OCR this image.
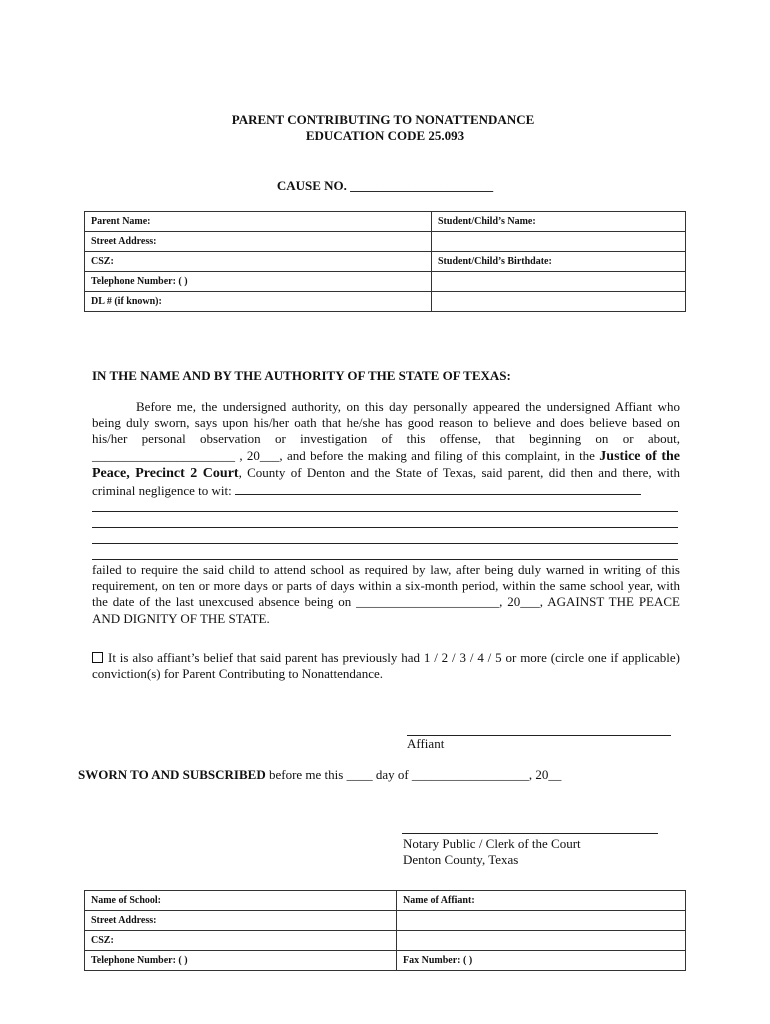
PARENT CONTRIBUTING TO NONATTENDANCE
EDUCATION CODE 25.093
CAUSE NO. ______________________
Parent Name:	Student/Child’s Name:
Street Address:	
CSZ:	Student/Child’s Birthdate:
Telephone Number: ( )	
DL # (if known):	
IN THE NAME AND BY THE AUTHORITY OF THE STATE OF TEXAS:
Before me, the undersigned authority, on this day personally appeared the undersigned Affiant who being duly sworn, says upon his/her oath that he/she has good reason to believe and does believe based on his/her personal observation or investigation of this offense, that beginning on or about, ______________________ , 20___, and before the making and filing of this complaint, in the Justice of the Peace, Precinct 2 Court, County of Denton and the State of Texas, said parent, did then and there, with criminal negligence to wit:
failed to require the said child to attend school as required by law, after being duly warned in writing of this requirement, on ten or more days or parts of days within a six-month period, within the same school year, with the date of the last unexcused absence being on ______________________, 20___, AGAINST THE PEACE AND DIGNITY OF THE STATE.
It is also affiant’s belief that said parent has previously had 1 / 2 / 3 / 4 / 5 or more (circle one if applicable) conviction(s) for Parent Contributing to Nonattendance.
Affiant
SWORN TO AND SUBSCRIBED before me this ____ day of __________________, 20__
Notary Public / Clerk of the Court
Denton County, Texas
Name of School:	Name of Affiant:
Street Address:	
CSZ:	
Telephone Number: ( )	Fax Number: ( )
